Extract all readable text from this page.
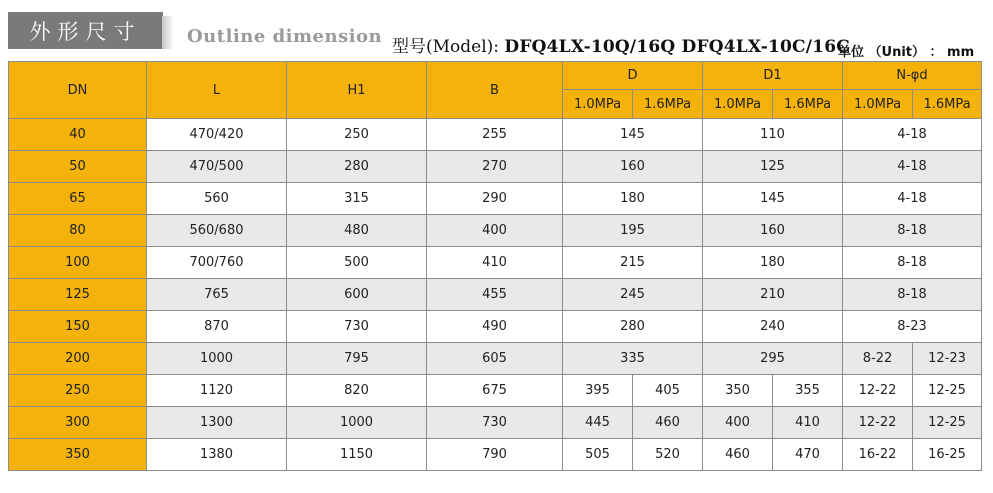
外形尺寸	Outline dimension 型号(Model): DFQ4LX-10Q/16Q DFQ4LX-10C/16C
单位 （Unit） ： mm
DN	L	H1	B	D		D1		N-φd	
				1.0MPa	1.6MPa	1.0MPa	1.6MPa	1.0MPa	1.6MPa
40	470/420	250	255	145		110		4-18	
50	470/500	280	270	160		125		4-18	
65	560	315	290	180		145		4-18	
80	560/680	480	400	195		160		8-18	
100	700/760	500	410	215		180		8-18	
125	765	600	455	245		210		8-18	
150	870	730	490	280		240		8-23	
200	1000	795	605	335		295		8-22	12-23
250	1120	820	675	395	405	350	355	12-22	12-25
300	1300	1000	730	445	460	400	410	12-22	12-25
350	1380	1150	790	505	520	460	470	16-22	16-25
